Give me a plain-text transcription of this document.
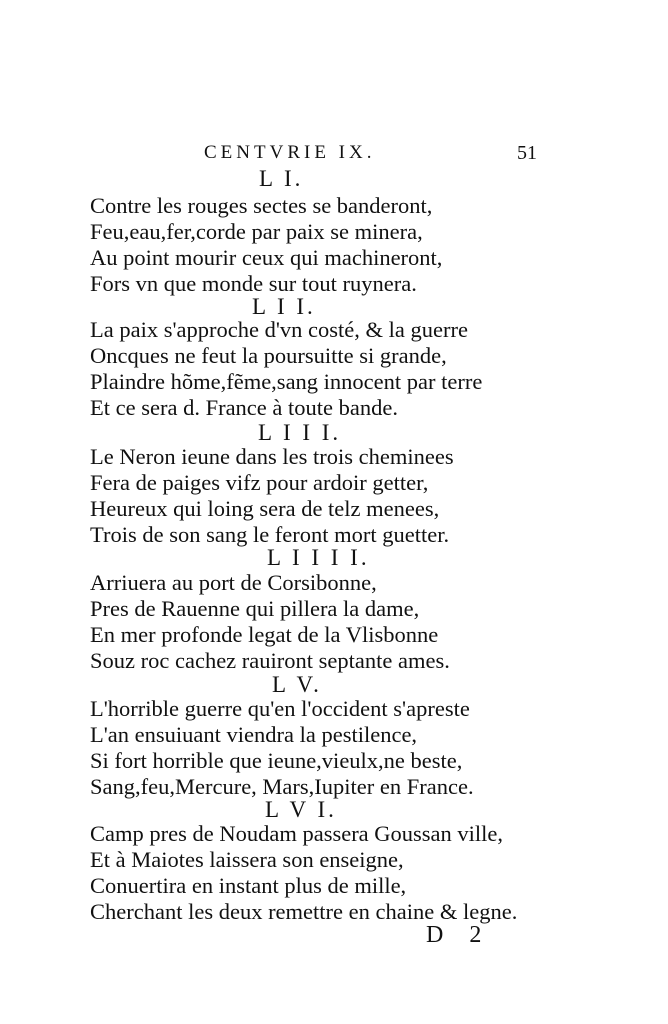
CENTVRIE IX.	51
L I.
Contre les rouges sectes se banderont,
Feu,eau,fer,corde par paix se minera,
Au point mourir ceux qui machineront,
Fors vn que monde sur tout ruynera.
L I I.
La paix s'approche d'vn costé, & la guerre
Oncques ne feut la poursuitte si grande,
Plaindre hõme,fẽme,sang innocent par terre
Et ce sera d. France à toute bande.
L I I I.
Le Neron ieune dans les trois cheminees
Fera de paiges vifz pour ardoir getter,
Heureux qui loing sera de telz menees,
Trois de son sang le feront mort guetter.
L I I I I.
Arriuera au port de Corsibonne,
Pres de Rauenne qui pillera la dame,
En mer profonde legat de la Vlisbonne
Souz roc cachez rauiront septante ames.
L V.
L'horrible guerre qu'en l'occident s'apreste
L'an ensuiuant viendra la pestilence,
Si fort horrible que ieune,vieulx,ne beste,
Sang,feu,Mercure, Mars,Iupiter en France.
L V I.
Camp pres de Noudam passera Goussan ville,
Et à Maiotes laissera son enseigne,
Conuertira en instant plus de mille,
Cherchant les deux remettre en chaine & legne.
D 2
